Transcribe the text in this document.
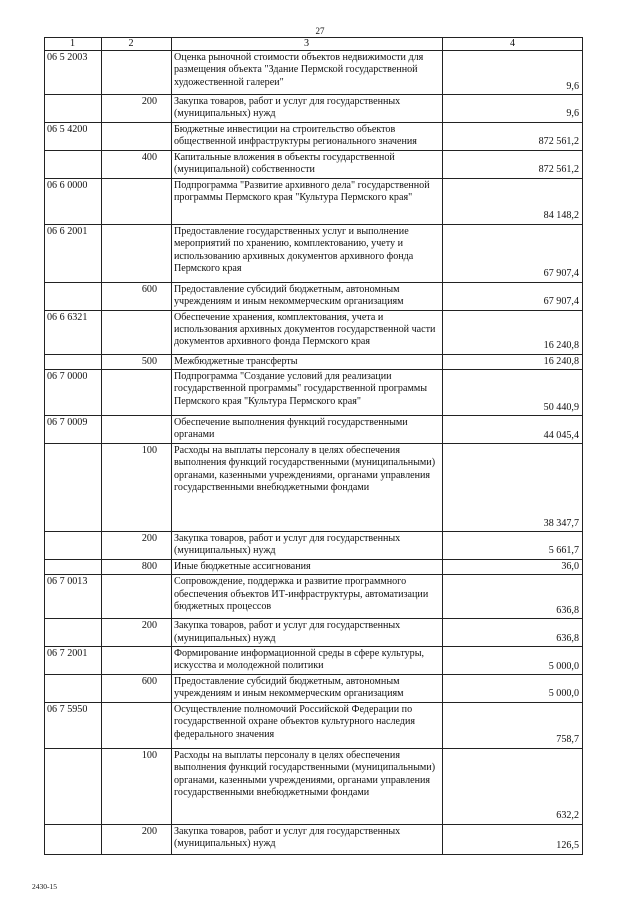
27
1	2	3	4
06 5 2003		Оценка рыночной стоимости объектов недвижимости для размещения объекта "Здание Пермской государственной художественной галереи"	9,6
	200	Закупка товаров, работ и услуг для государственных (муниципальных) нужд	9,6
06 5 4200		Бюджетные инвестиции на строительство объектов общественной инфраструктуры регионального значения	872 561,2
	400	Капитальные вложения в объекты государственной (муниципальной) собственности	872 561,2
06 6 0000		Подпрограмма "Развитие архивного дела" государственной программы Пермского края "Культура Пермского края"	84 148,2
06 6 2001		Предоставление государственных услуг и выполнение мероприятий по хранению, комплектованию, учету и использованию архивных документов архивного фонда Пермского края	67 907,4
	600	Предоставление субсидий бюджетным, автономным учреждениям и иным некоммерческим организациям	67 907,4
06 6 6321		Обеспечение хранения, комплектования, учета и использования архивных документов государственной части документов архивного фонда Пермского края	16 240,8
	500	Межбюджетные трансферты	16 240,8
06 7 0000		Подпрограмма "Создание условий для реализации государственной программы" государственной программы Пермского края "Культура Пермского края"	50 440,9
06 7 0009		Обеспечение выполнения функций государственными органами	44 045,4
	100	Расходы на выплаты персоналу в целях обеспечения выполнения функций государственными (муниципальными) органами, казенными учреждениями, органами управления государственными внебюджетными фондами	38 347,7
	200	Закупка товаров, работ и услуг для государственных (муниципальных) нужд	5 661,7
	800	Иные бюджетные ассигнования	36,0
06 7 0013		Сопровождение, поддержка и развитие программного обеспечения объектов ИТ-инфраструктуры, автоматизации бюджетных процессов	636,8
	200	Закупка товаров, работ и услуг для государственных (муниципальных) нужд	636,8
06 7 2001		Формирование информационной среды в сфере культуры, искусства и молодежной политики	5 000,0
	600	Предоставление субсидий бюджетным, автономным учреждениям и иным некоммерческим организациям	5 000,0
06 7 5950		Осуществление полномочий Российской Федерации по государственной охране объектов культурного наследия федерального значения	758,7
	100	Расходы на выплаты персоналу в целях обеспечения выполнения функций государственными (муниципальными) органами, казенными учреждениями, органами управления государственными внебюджетными фондами	632,2
	200	Закупка товаров, работ и услуг для государственных (муниципальных) нужд	126,5
2430-15
